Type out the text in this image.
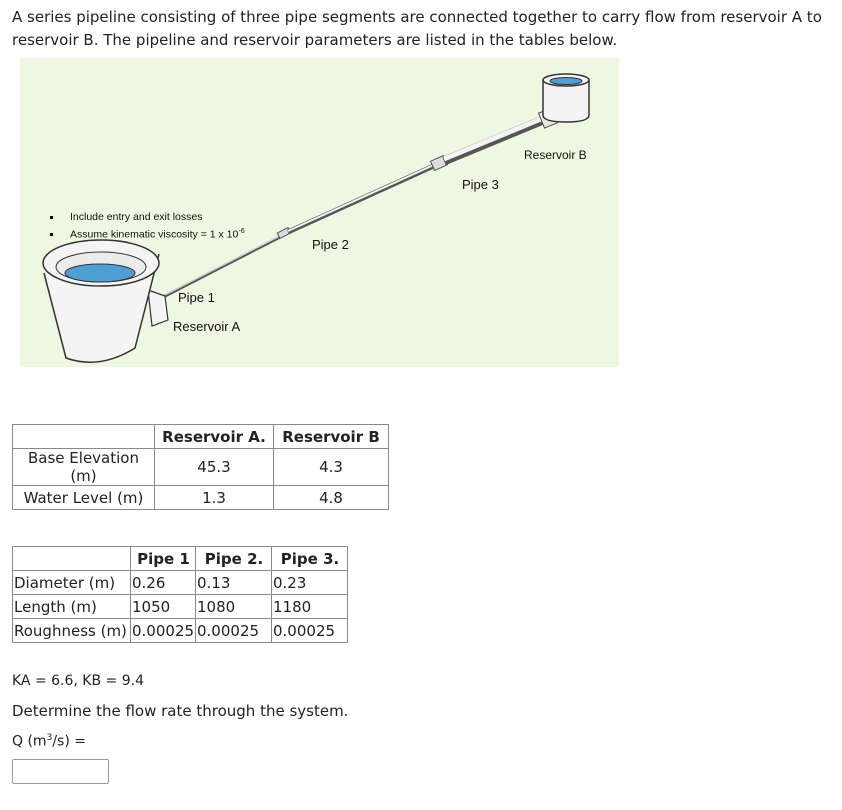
A series pipeline consisting of three pipe segments are connected together to carry flow from reservoir A to reservoir B. The pipeline and reservoir parameters are listed in the tables below.

Include entry and exit losses
Assume kinematic viscosity = 1 x $10^{-6}$
Reservoir B
Pipe 3
Pipe 2
Pipe 1
Reservoir A
	Reservoir A.	Reservoir B
Base Elevation (m)	45.3	4.3
Water Level (m)	1.3	4.8
	Pipe 1	Pipe 2.	Pipe 3.
Diameter (m)	0.26	0.13	0.23
Length (m)	1050	1080	1180
Roughness (m)	0.00025	0.00025	0.00025
KA = 6.6, KB = 9.4
Determine the flow rate through the system.
Q $(m^3/s)$ =
